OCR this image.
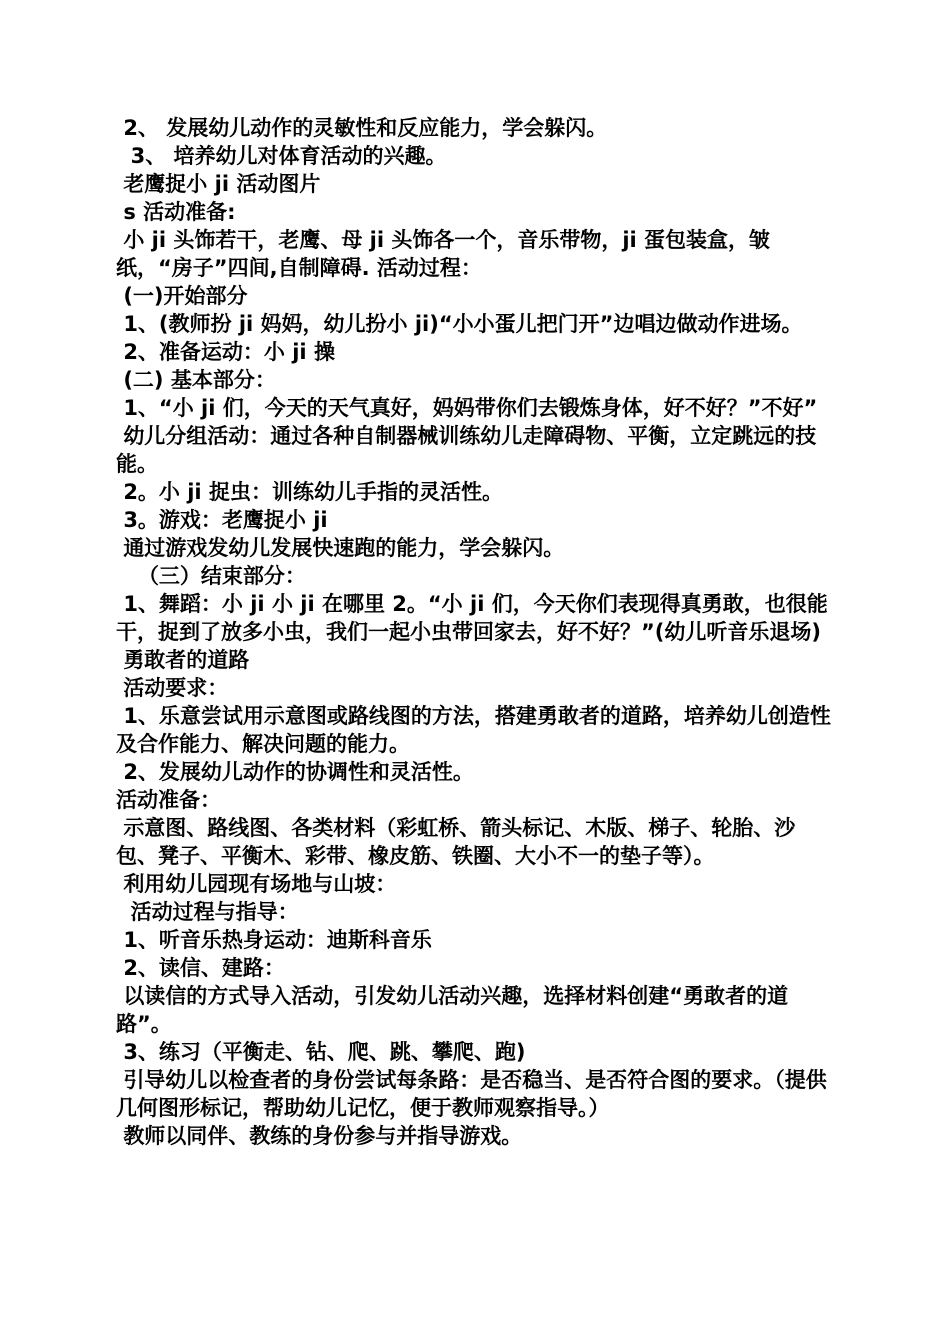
2、 发展幼儿动作的灵敏性和反应能力，学会躲闪。

3、 培养幼儿对体育活动的兴趣。

老鹰捉小 ji 活动图片

s 活动准备:

小 ji 头饰若干，老鹰、母 ji 头饰各一个，音乐带物，ji 蛋包装盒，皱纸，“房子”四间,自制障碍. 活动过程：

(一)开始部分

1、(教师扮 ji 妈妈，幼儿扮小 ji)“小小蛋儿把门开”边唱边做动作进场。

2、准备运动：小 ji 操

(二) 基本部分：

1、“小 ji 们，今天的天气真好，妈妈带你们去锻炼身体，好不好？”不好”

幼儿分组活动：通过各种自制器械训练幼儿走障碍物、平衡，立定跳远的技能。

2。小 ji 捉虫：训练幼儿手指的灵活性。

3。游戏：老鹰捉小 ji

通过游戏发幼儿发展快速跑的能力，学会躲闪。

（三）结束部分：

1、舞蹈：小 ji 小 ji 在哪里 2。“小 ji 们，今天你们表现得真勇敢，也很能干，捉到了放多小虫，我们一起小虫带回家去，好不好？”(幼儿听音乐退场)

勇敢者的道路

活动要求：

1、乐意尝试用示意图或路线图的方法，搭建勇敢者的道路，培养幼儿创造性及合作能力、解决问题的能力。

2、发展幼儿动作的协调性和灵活性。

活动准备：

示意图、路线图、各类材料（彩虹桥、箭头标记、木版、梯子、轮胎、沙包、凳子、平衡木、彩带、橡皮筋、铁圈、大小不一的垫子等）。

利用幼儿园现有场地与山坡：

活动过程与指导：

1、听音乐热身运动：迪斯科音乐

2、读信、建路：

以读信的方式导入活动，引发幼儿活动兴趣，选择材料创建“勇敢者的道路”。

3、练习（平衡走、钻、爬、跳、攀爬、跑)

引导幼儿以检查者的身份尝试每条路：是否稳当、是否符合图的要求。（提供几何图形标记，帮助幼儿记忆，便于教师观察指导。）

教师以同伴、教练的身份参与并指导游戏。
